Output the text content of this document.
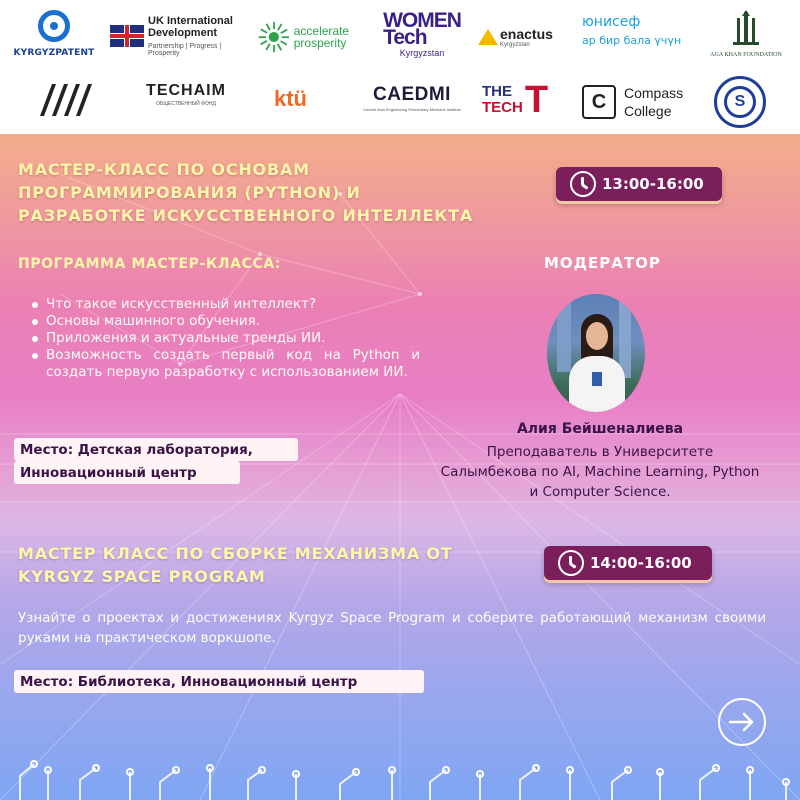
KYRGYZPATENT
UK International Development
Partnership | Progress | Prosperity
accelerate prosperity
WOMEN Tech
Kyrgyzstan
enactus
Kyrgyzstan
юнисеф
ар бир бала үчүн
AGA KHAN FOUNDATION
TECHAIM
ОБЩЕСТВЕННЫЙ ФОНД	ktü	CAEDMI
Central Asia Engineering Elementary Medicine Institute
THE
TECH T	C	Compass
College
S
МАСТЕР-КЛАСС ПО ОСНОВАМ
ПРОГРАММИРОВАНИЯ (PYTHON) И
РАЗРАБОТКЕ ИСКУССТВЕННОГО ИНТЕЛЛЕКТА
13:00-16:00
ПРОГРАММА МАСТЕР-КЛАССА:	МОДЕРАТОР
Что такое искусственный интеллект?
Основы машинного обучения.
Приложения и актуальные тренды ИИ.
Возможность создать первый код на Python и создать первую разработку с использованием ИИ.
Алия Бейшеналиева
Преподаватель в Университете Салымбекова по AI, Machine Learning, Python и Computer Science.
Место: Детская лаборатория,
Инновационный центр
МАСТЕР КЛАСС ПО СБОРКЕ МЕХАНИЗМА ОТ
KYRGYZ SPACE PROGRAM
14:00-16:00
Узнайте о проектах и достижениях Kyrgyz Space Program и соберите работающий механизм своими руками на практическом воркшопе.
Место: Библиотека, Инновационный центр
